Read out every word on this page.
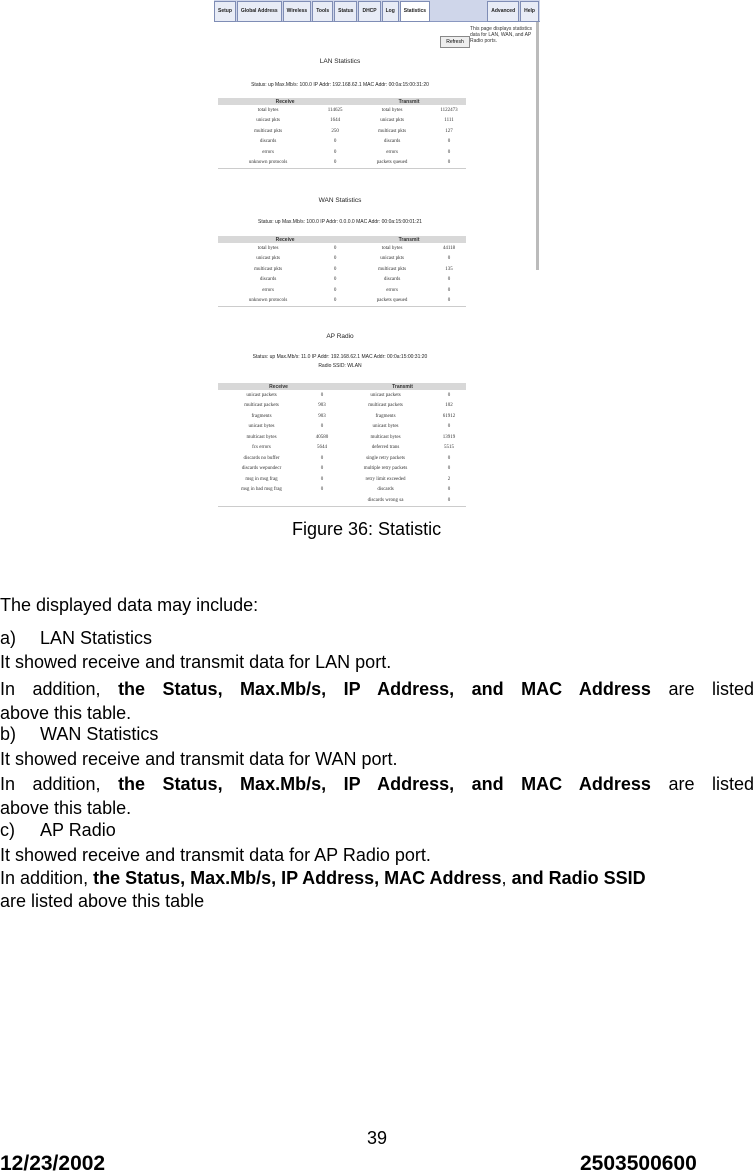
Setup	Global Address	Wireless	Tools	Status	DHCP	Log	Statistics	Advanced	Help
Refresh
This page displays statistics data for LAN, WAN, and AP Radio ports.
LAN Statistics
Status: up Max.Mb/s: 100.0 IP Addr: 192.168.62.1 MAC Addr: 00:0a:15:00:31:20
Receive		Transmit	
total bytes	114625	total bytes	1122473
unicast pkts	1644	unicast pkts	1111
multicast pkts	250	multicast pkts	127
discards	0	discards	0
errors	0	errors	0
unknown protocols	0	packets queued	0
WAN Statistics
Status: up Max.Mb/s: 100.0 IP Addr: 0.0.0.0 MAC Addr: 00:0a:15:00:01:21
Receive		Transmit	
total bytes	0	total bytes	44118
unicast pkts	0	unicast pkts	0
multicast pkts	0	multicast pkts	135
discards	0	discards	0
errors	0	errors	0
unknown protocols	0	packets queued	0
AP Radio
Status: up Max.Mb/s: 11.0 IP Addr: 192.168.62.1 MAC Addr: 00:0a:15:00:31:20
Radio SSID: WLAN
Receive		Transmit	
unicast packets	0	unicast packets	0
multicast packets	903	multicast packets	102
fragments	903	fragments	61912
unicast bytes	0	unicast bytes	0
multicast bytes	40580	multicast bytes	13919
fcs errors	5644	deferred trans	5515
discards no buffer	0	single retry packets	0
discards wepundecr	0	multiple retry packets	0
msg in msg frag	0	retry limit exceeded	2
msg in bad msg frag	0	discards	0
		discards wrong sa	0
Figure 36: Statistic
The displayed data may include:
a) LAN Statistics
It showed receive and transmit data for LAN port.
In addition, the Status, Max.Mb/s, IP Address, and MAC Address are listed
above this table.
b) WAN Statistics
It showed receive and transmit data for WAN port.
In addition, the Status, Max.Mb/s, IP Address, and MAC Address are listed
above this table.
c) AP Radio
It showed receive and transmit data for AP Radio port.
In addition, the Status, Max.Mb/s, IP Address, MAC Address, and Radio SSID
are listed above this table
39
12/23/2002	2503500600
